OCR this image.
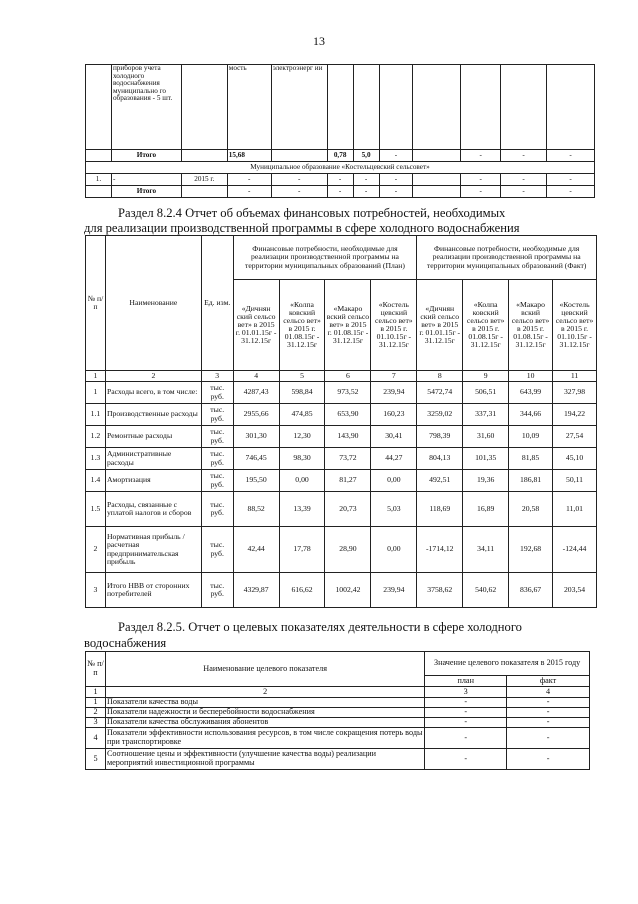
13
	приборов учета холодного водоснабжения муниципально го образования - 5 шт.		мость	электроэнерг ии							
	Итого		15,68		0,78	5,0	-		-	-	-
Муниципальное образование «Костельцевский сельсовет»											
1.	-	2015 г.	-	-	-	-	-		-	-	-
	Итого		-	-	-	-	-		-	-	-
Раздел 8.2.4 Отчет об объемах финансовых потребностей, необходимых
для реализации производственной программы в сфере холодного водоснабжения
№ п/п	Наименование	Ед. изм.	Финансовые потребности, необходимые для реализации производственной программы на территории муниципальных образований (План)				Финансовые потребности, необходимые для реализации производственной программы на территории муниципальных образований (Факт)			
			«Дичнян ский сельсо вет» в 2015 г. 01.01.15г - 31.12.15г	«Колпа ковский сельсо вет» в 2015 г. 01.08.15г - 31.12.15г	«Макаро вский сельсо вет» в 2015 г. 01.08.15г - 31.12.15г	«Костель цевский сельсо вет» в 2015 г. 01.10.15г - 31.12.15г	«Дичнян ский сельсо вет» в 2015 г. 01.01.15г - 31.12.15г	«Колпа ковский сельсо вет» в 2015 г. 01.08.15г - 31.12.15г	«Макаро вский сельсо вет» в 2015 г. 01.08.15г - 31.12.15г	«Костель цевский сельсо вет» в 2015 г. 01.10.15г - 31.12.15г
1	2	3	4	5	6	7	8	9	10	11
1	Расходы всего, в том числе:	тыс. руб.	4287,43	598,84	973,52	239,94	5472,74	506,51	643,99	327,98
1.1	Производственные расходы	тыс. руб.	2955,66	474,85	653,90	160,23	3259,02	337,31	344,66	194,22
1.2	Ремонтные расходы	тыс. руб.	301,30	12,30	143,90	30,41	798,39	31,60	10,09	27,54
1.3	Административные расходы	тыс. руб.	746,45	98,30	73,72	44,27	804,13	101,35	81,85	45,10
1.4	Амортизация	тыс. руб.	195,50	0,00	81,27	0,00	492,51	19,36	186,81	50,11
1.5	Расходы, связанные с уплатой налогов и сборов	тыс. руб.	88,52	13,39	20,73	5,03	118,69	16,89	20,58	11,01
2	Нормативная прибыль / расчетная предпринимательская прибыль	тыс. руб.	42,44	17,78	28,90	0,00	-1714,12	34,11	192,68	-124,44
3	Итого НВВ от сторонних потребителей	тыс. руб.	4329,87	616,62	1002,42	239,94	3758,62	540,62	836,67	203,54
Раздел 8.2.5. Отчет о целевых показателях деятельности в сфере холодного
водоснабжения
№ п/п	Наименование целевого показателя	Значение целевого показателя в 2015 году	
		план	факт
1	2	3	4
1	Показатели качества воды	-	-
2	Показатели надежности и бесперебойности водоснабжения	-	-
3	Показатели качества обслуживания абонентов	-	-
4	Показатели эффективности использования ресурсов, в том числе сокращения потерь воды при транспортировке	-	-
5	Соотношение цены и эффективности (улучшение качества воды) реализации мероприятий инвестиционной программы	-	-
